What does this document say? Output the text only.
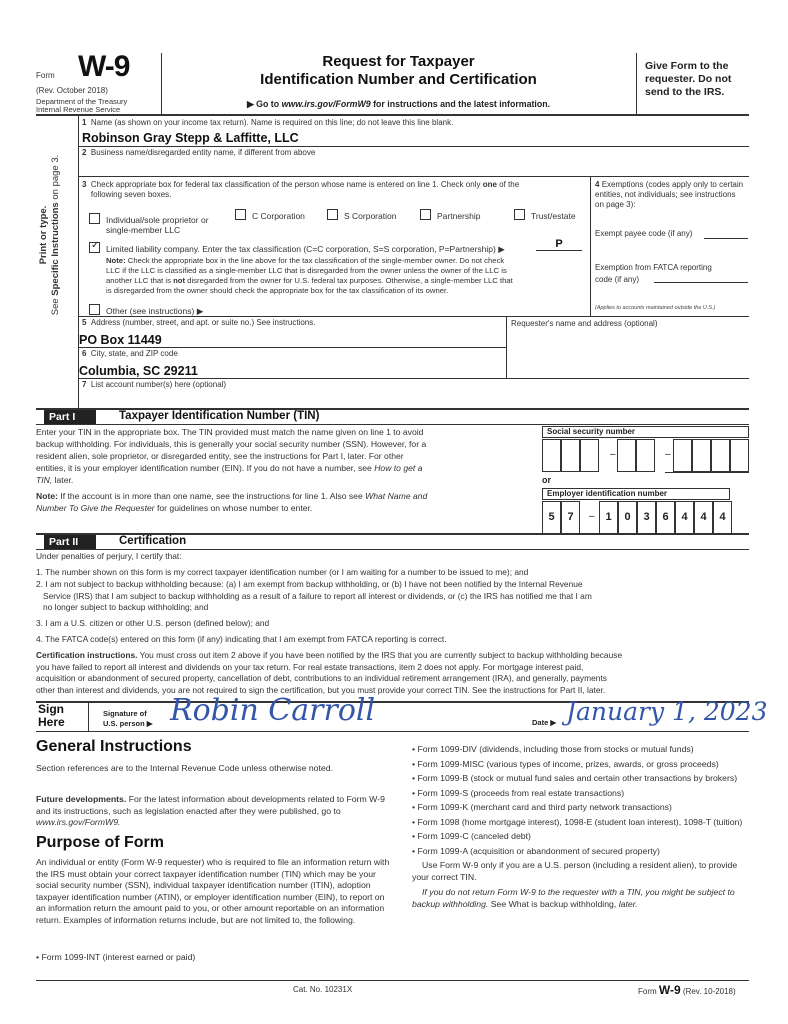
Form W-9
(Rev. October 2018)
Department of the Treasury
Internal Revenue Service
Request for Taxpayer
Identification Number and Certification
▶ Go to www.irs.gov/FormW9 for instructions and the latest information.
Give Form to the requester. Do not send to the IRS.
Print or type.
See Specific Instructions on page 3.
1 Name (as shown on your income tax return). Name is required on this line; do not leave this line blank.
Robinson Gray Stepp & Laffitte, LLC
2 Business name/disregarded entity name, if different from above
3 Check appropriate box for federal tax classification of the person whose name is entered on line 1. Check only one of the
following seven boxes.
Individual/sole proprietor or
single-member LLC
C Corporation	S Corporation	Partnership	Trust/estate
✓
Limited liability company. Enter the tax classification (C=C corporation, S=S corporation, P=Partnership) ▶	P
Note: Check the appropriate box in the line above for the tax classification of the single-member owner. Do not check
LLC if the LLC is classified as a single-member LLC that is disregarded from the owner unless the owner of the LLC is
another LLC that is not disregarded from the owner for U.S. federal tax purposes. Otherwise, a single-member LLC that
is disregarded from the owner should check the appropriate box for the tax classification of its owner.
Other (see instructions) ▶
4 Exemptions (codes apply only to certain entities, not individuals; see instructions on page 3):
Exempt payee code (if any)
Exemption from FATCA reporting
code (if any)
(Applies to accounts maintained outside the U.S.)
5 Address (number, street, and apt. or suite no.) See instructions.
PO Box 11449
Requester's name and address (optional)
6 City, state, and ZIP code
Columbia, SC 29211
7 List account number(s) here (optional)
Part I	Taxpayer Identification Number (TIN)
Enter your TIN in the appropriate box. The TIN provided must match the name given on line 1 to avoid
backup withholding. For individuals, this is generally your social security number (SSN). However, for a
resident alien, sole proprietor, or disregarded entity, see the instructions for Part I, later. For other
entities, it is your employer identification number (EIN). If you do not have a number, see How to get a
TIN, later.
Note: If the account is in more than one name, see the instructions for line 1. Also see What Name and
Number To Give the Requester for guidelines on whose number to enter.
Social security number
–	–
or
Employer identification number
5	7	– 1	0	3	6	4	4	4
Part II	Certification
Under penalties of perjury, I certify that:
1. The number shown on this form is my correct taxpayer identification number (or I am waiting for a number to be issued to me); and
2. I am not subject to backup withholding because: (a) I am exempt from backup withholding, or (b) I have not been notified by the Internal Revenue
Service (IRS) that I am subject to backup withholding as a result of a failure to report all interest or dividends, or (c) the IRS has notified me that I am
no longer subject to backup withholding; and
3. I am a U.S. citizen or other U.S. person (defined below); and
4. The FATCA code(s) entered on this form (if any) indicating that I am exempt from FATCA reporting is correct.
Certification instructions. You must cross out item 2 above if you have been notified by the IRS that you are currently subject to backup withholding because
you have failed to report all interest and dividends on your tax return. For real estate transactions, item 2 does not apply. For mortgage interest paid,
acquisition or abandonment of secured property, cancellation of debt, contributions to an individual retirement arrangement (IRA), and generally, payments
other than interest and dividends, you are not required to sign the certification, but you must provide your correct TIN. See the instructions for Part II, later.
Sign
Here
Signature of
U.S. person ▶ Robin Carroll	Date ▶ January 1, 2023
General Instructions
Section references are to the Internal Revenue Code unless otherwise noted.
Future developments. For the latest information about developments related to Form W-9 and its instructions, such as legislation enacted after they were published, go to www.irs.gov/FormW9.
Purpose of Form
An individual or entity (Form W-9 requester) who is required to file an information return with the IRS must obtain your correct taxpayer identification number (TIN) which may be your social security number (SSN), individual taxpayer identification number (ITIN), adoption taxpayer identification number (ATIN), or employer identification number (EIN), to report on an information return the amount paid to you, or other amount reportable on an information return. Examples of information returns include, but are not limited to, the following.
• Form 1099-INT (interest earned or paid)
• Form 1099-DIV (dividends, including those from stocks or mutual funds)
• Form 1099-MISC (various types of income, prizes, awards, or gross proceeds)
• Form 1099-B (stock or mutual fund sales and certain other transactions by brokers)
• Form 1099-S (proceeds from real estate transactions)
• Form 1099-K (merchant card and third party network transactions)
• Form 1098 (home mortgage interest), 1098-E (student loan interest), 1098-T (tuition)
• Form 1099-C (canceled debt)
• Form 1099-A (acquisition or abandonment of secured property)
Use Form W-9 only if you are a U.S. person (including a resident alien), to provide your correct TIN.
If you do not return Form W-9 to the requester with a TIN, you might be subject to backup withholding. See What is backup withholding, later.
Cat. No. 10231X	Form W-9 (Rev. 10-2018)
